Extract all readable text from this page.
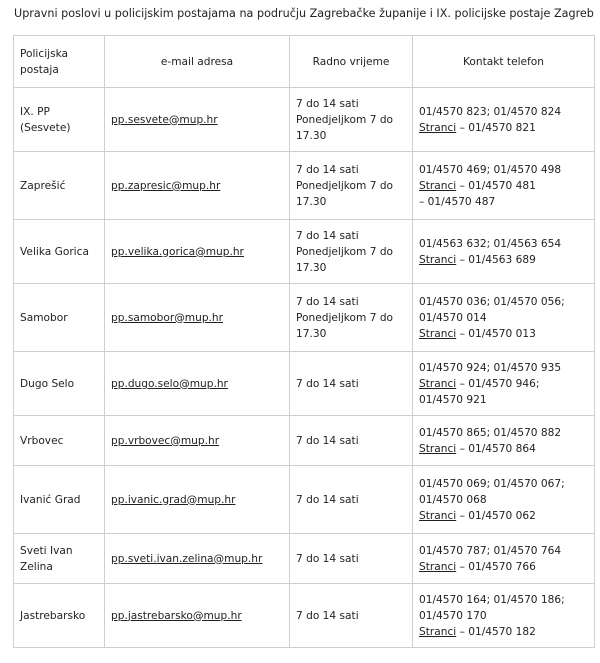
Upravni poslovi u policijskim postajama na području Zagrebačke županije i IX. policijske postaje Zagreb
Policijska
postaja	e-mail adresa	Radno vrijeme	Kontakt telefon

IX. PP
(Sesvete)	pp.sesvete@mup.hr	7 do 14 sati
Ponedjeljkom 7 do
17.30	01/4570 823; 01/4570 824
Stranci – 01/4570 821

Zaprešić	pp.zapresic@mup.hr	7 do 14 sati
Ponedjeljkom 7 do
17.30	01/4570 469; 01/4570 498
Stranci – 01/4570 481
– 01/4570 487

Velika Gorica	pp.velika.gorica@mup.hr	7 do 14 sati
Ponedjeljkom 7 do
17.30	01/4563 632; 01/4563 654
Stranci – 01/4563 689

Samobor	pp.samobor@mup.hr	7 do 14 sati
Ponedjeljkom 7 do
17.30	01/4570 036; 01/4570 056;
01/4570 014
Stranci – 01/4570 013

Dugo Selo	pp.dugo.selo@mup.hr	7 do 14 sati	01/4570 924; 01/4570 935
Stranci – 01/4570 946;
01/4570 921

Vrbovec	pp.vrbovec@mup.hr	7 do 14 sati	01/4570 865; 01/4570 882
Stranci – 01/4570 864

Ivanić Grad	pp.ivanic.grad@mup.hr	7 do 14 sati	01/4570 069; 01/4570 067;
01/4570 068
Stranci – 01/4570 062

Sveti Ivan
Zelina	pp.sveti.ivan.zelina@mup.hr	7 do 14 sati	01/4570 787; 01/4570 764
Stranci – 01/4570 766

Jastrebarsko	pp.jastrebarsko@mup.hr	7 do 14 sati	01/4570 164; 01/4570 186;
01/4570 170
Stranci – 01/4570 182
